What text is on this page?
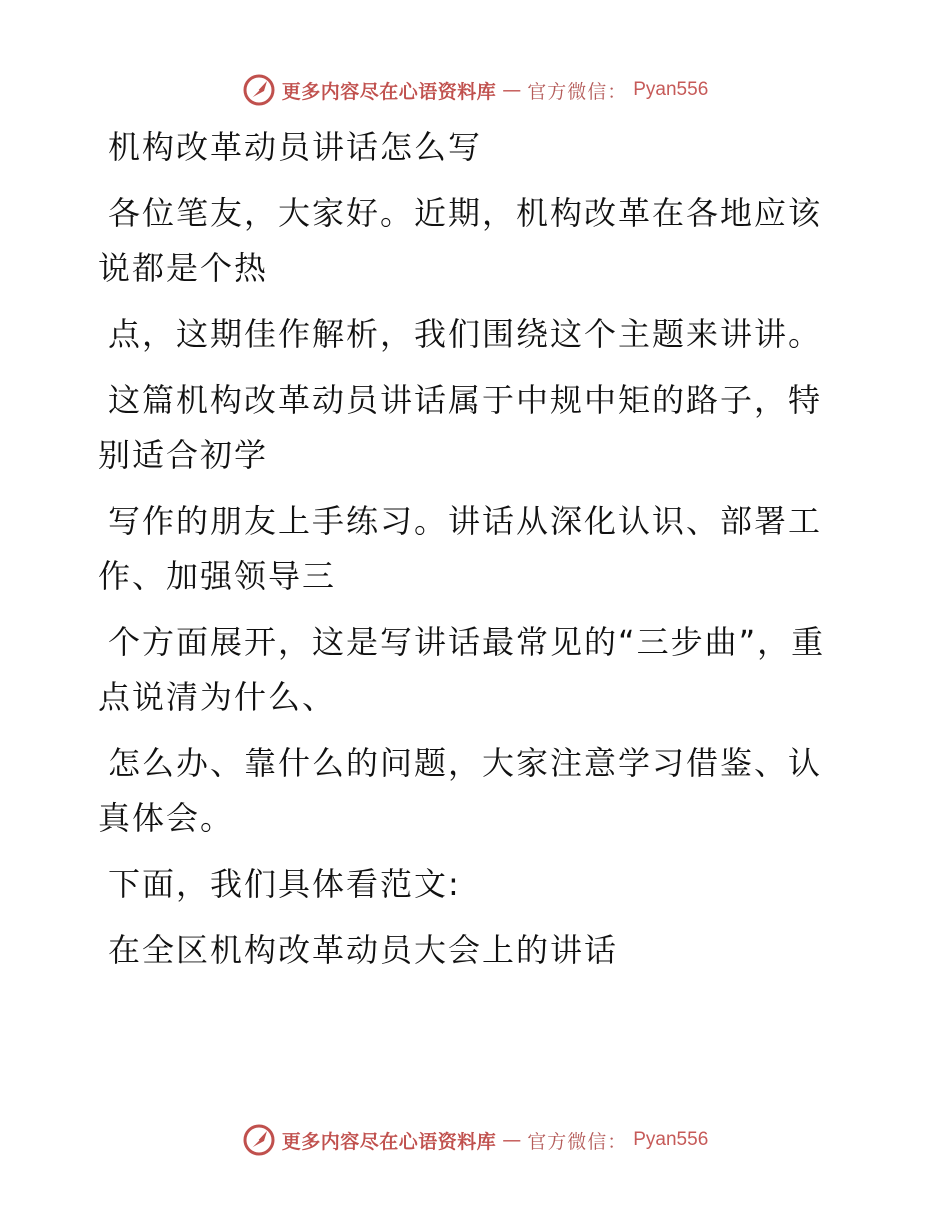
更多内容尽在心语资料库 — 官方微信： Pyan556

机构改革动员讲话怎么写

各位笔友，大家好。近期，机构改革在各地应该说都是个热

点，这期佳作解析，我们围绕这个主题来讲讲。

这篇机构改革动员讲话属于中规中矩的路子，特别适合初学

写作的朋友上手练习。讲话从深化认识、部署工作、加强领导三

个方面展开，这是写讲话最常见的“三步曲”，重点说清为什么、

怎么办、靠什么的问题，大家注意学习借鉴、认真体会。

下面，我们具体看范文:

在全区机构改革动员大会上的讲话

更多内容尽在心语资料库 — 官方微信： Pyan556
